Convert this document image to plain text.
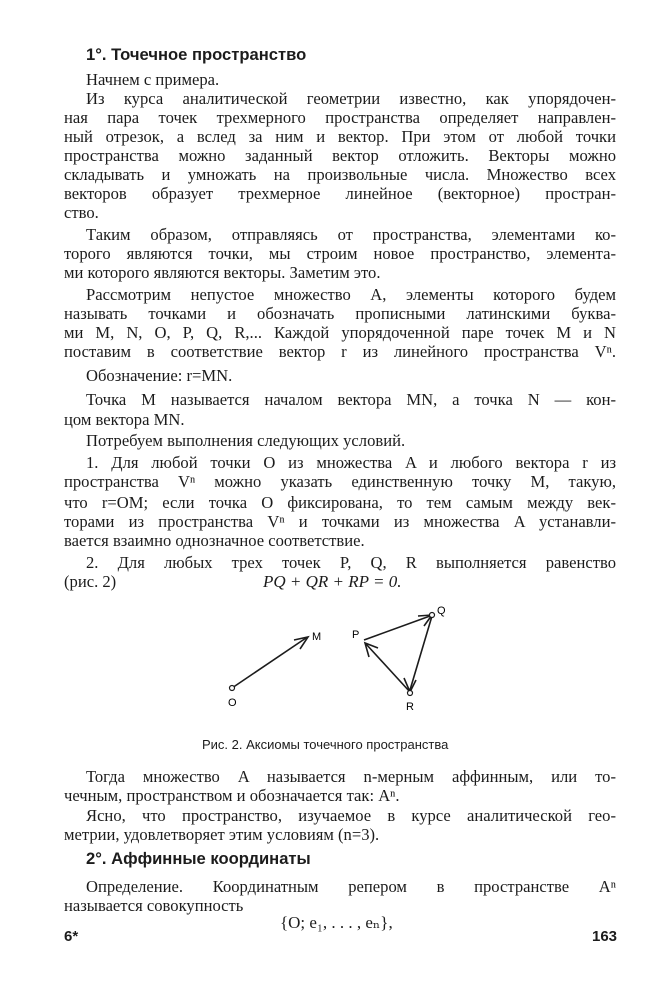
1°. Точечное пространство
Начнем с примера.
Из курса аналитической геометрии известно, как упорядочен-
ная пара точек трехмерного пространства определяет направлен-
ный отрезок, а вслед за ним и вектор. При этом от любой точки
пространства можно заданный вектор отложить. Векторы можно
складывать и умножать на произвольные числа. Множество всех
векторов образует трехмерное линейное (векторное) простран-
ство.
Таким образом, отправляясь от пространства, элементами ко-
торого являются точки, мы строим новое пространство, элемента-
ми которого являются векторы. Заметим это.
Рассмотрим непустое множество A, элементы которого будем
называть точками и обозначать прописными латинскими буква-
ми M, N, O, P, Q, R,... Каждой упорядоченной паре точек M и N
поставим в соответствие вектор r из линейного пространства Vⁿ.
Обозначение: r=MN.
Точка M называется началом вектора MN, а точка N — кон-
цом вектора MN.
Потребуем выполнения следующих условий.
1. Для любой точки O из множества A и любого вектора r из
пространства Vⁿ можно указать единственную точку M, такую,
что r=OM; если точка O фиксирована, то тем самым между век-
торами из пространства Vⁿ и точками из множества A устанавли-
вается взаимно однозначное соответствие.
2. Для любых трех точек P, Q, R выполняется равенство
(рис. 2)	PQ + QR + RP = 0.
O
M	P
Q
R
Рис. 2. Аксиомы точечного пространства
Тогда множество A называется n-мерным аффинным, или то-
чечным, пространством и обозначается так: Aⁿ.
Ясно, что пространство, изучаемое в курсе аналитической гео-
метрии, удовлетворяет этим условиям (n=3).
2°. Аффинные координаты
Определение. Координатным репером в пространстве Aⁿ
называется совокупность
{O; e₁, . . . , eₙ},
6*	163
